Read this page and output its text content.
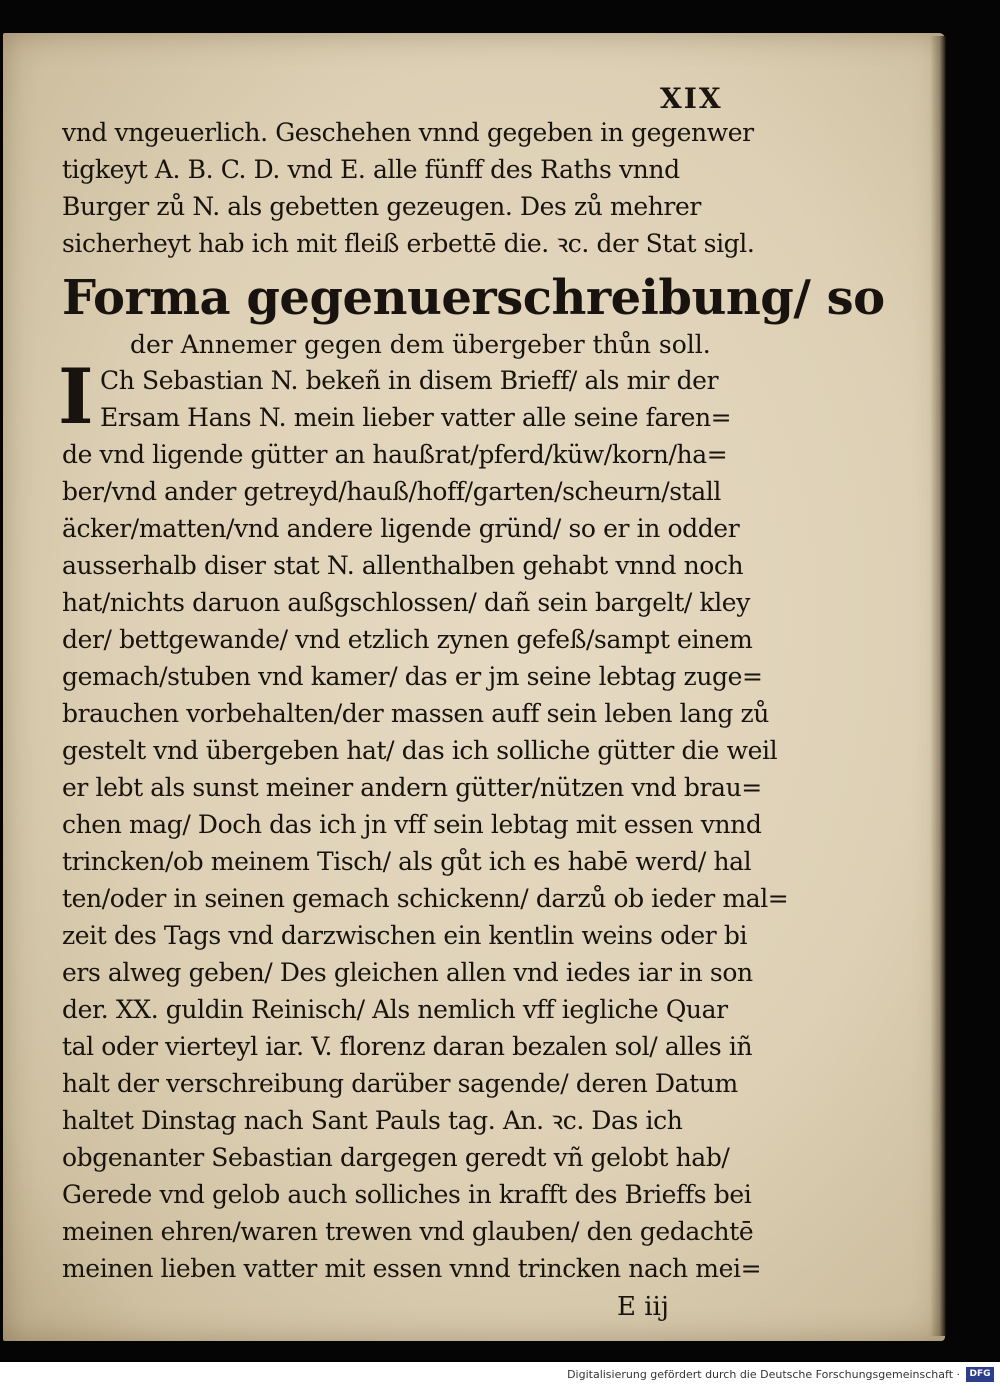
XIX
vnd vngeuerlich. Geschehen vnnd gegeben in gegenwer
tigkeyt A. B. C. D. vnd E. alle fünff des Raths vnnd
Burger zů N. als gebetten gezeugen. Des zů mehrer
sicherheyt hab ich mit fleiß erbettē die. ꝛc. der Stat sigl.
Forma gegenuerschreibung/ so
der Annemer gegen dem übergeber thůn soll.
I Ch Sebastian N. bekeñ in disem Brieff/ als mir der
Ersam Hans N. mein lieber vatter alle seine faren=
de vnd ligende gütter an haußrat/pferd/küw/korn/ha=
ber/vnd ander getreyd/hauß/hoff/garten/scheurn/stall
äcker/matten/vnd andere ligende gründ/ so er in odder
ausserhalb diser stat N. allenthalben gehabt vnnd noch
hat/nichts daruon außgschlossen/ dañ sein bargelt/ kley
der/ bettgewande/ vnd etzlich zynen gefeß/sampt einem
gemach/stuben vnd kamer/ das er jm seine lebtag zuge=
brauchen vorbehalten/der massen auff sein leben lang zů
gestelt vnd übergeben hat/ das ich solliche gütter die weil
er lebt als sunst meiner andern gütter/nützen vnd brau=
chen mag/ Doch das ich jn vff sein lebtag mit essen vnnd
trincken/ob meinem Tisch/ als gůt ich es habē werd/ hal
ten/oder in seinen gemach schickenn/ darzů ob ieder mal=
zeit des Tags vnd darzwischen ein kentlin weins oder bi
ers alweg geben/ Des gleichen allen vnd iedes iar in son
der. XX. guldin Reinisch/ Als nemlich vff iegliche Quar
tal oder vierteyl iar. V. florenz daran bezalen sol/ alles iñ
halt der verschreibung darüber sagende/ deren Datum
haltet Dinstag nach Sant Pauls tag. An. ꝛc. Das ich
obgenanter Sebastian dargegen geredt vñ gelobt hab/
Gerede vnd gelob auch solliches in krafft des Brieffs bei
meinen ehren/waren trewen vnd glauben/ den gedachtē
meinen lieben vatter mit essen vnnd trincken nach mei=
E iij
Digitalisierung gefördert durch die Deutsche Forschungsgemeinschaft ·	DFG
